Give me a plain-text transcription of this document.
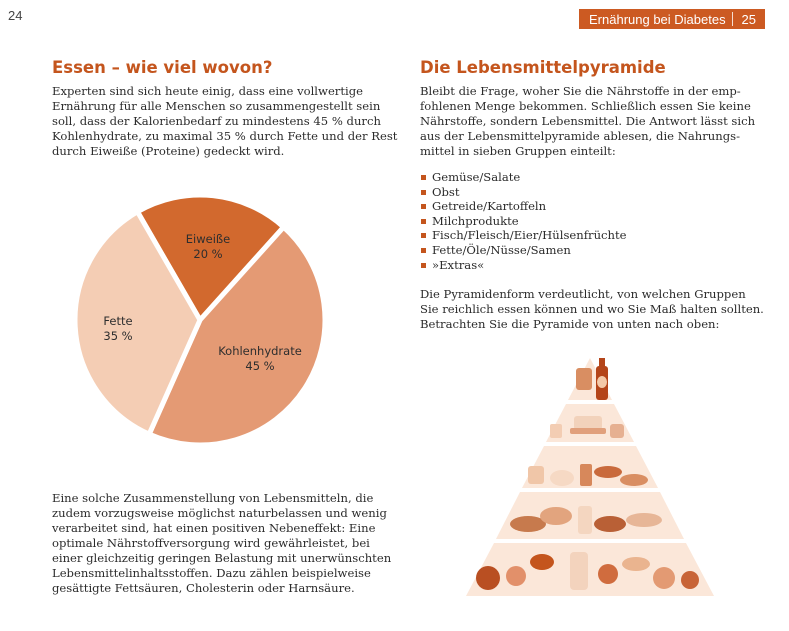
24	Ernährung bei Diabetes	25
Essen – wie viel wovon?

Experten sind sich heute einig, dass eine vollwertige
Ernährung für alle Menschen so zusammengestellt sein
soll, dass der Kalorienbedarf zu mindestens 45 % durch
Kohlenhydrate, zu maximal 35 % durch Fette und der Rest
durch Eiweiße (Proteine) gedeckt wird.

Eiweiße
20 %
Kohlenhydrate
45 %
Fette
35 %

Eine solche Zusammenstellung von Lebensmitteln, die
zudem vorzugsweise möglichst naturbelassen und wenig
verarbeitet sind, hat einen positiven Nebeneffekt: Eine
optimale Nährstoffversorgung wird gewährleistet, bei
einer gleichzeitig geringen Belastung mit unerwünschten
Lebensmittelinhaltsstoffen. Dazu zählen beispielweise
gesättigte Fettsäuren, Cholesterin oder Harnsäure.

Die Lebensmittelpyramide

Bleibt die Frage, woher Sie die Nährstoffe in der emp-
fohlenen Menge bekommen. Schließlich essen Sie keine
Nährstoffe, sondern Lebensmittel. Die Antwort lässt sich
aus der Lebensmittelpyramide ablesen, die Nahrungs-
mittel in sieben Gruppen einteilt:

Gemüse/Salate
Obst
Getreide/Kartoffeln
Milchprodukte
Fisch/Fleisch/Eier/Hülsenfrüchte
Fette/Öle/Nüsse/Samen
»Extras«

Die Pyramidenform verdeutlicht, von welchen Gruppen
Sie reichlich essen können und wo Sie Maß halten sollten.
Betrachten Sie die Pyramide von unten nach oben:
